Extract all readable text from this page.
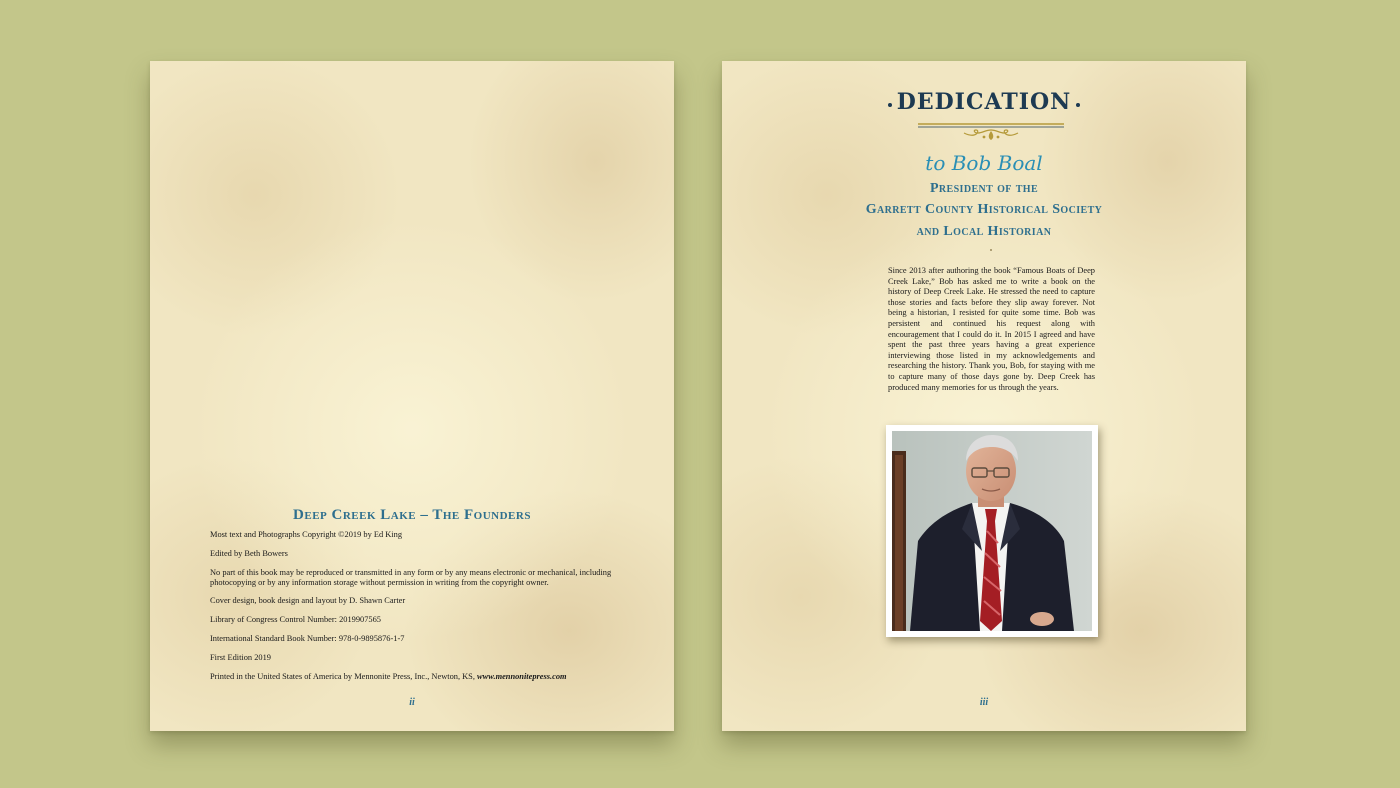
Deep Creek Lake – The Founders

Most text and Photographs Copyright ©2019 by Ed King

Edited by Beth Bowers

No part of this book may be reproduced or transmitted in any form or by any means electronic or mechanical, including photocopying or by any information storage without permission in writing from the copyright owner.

Cover design, book design and layout by D. Shawn Carter

Library of Congress Control Number: 2019907565

International Standard Book Number: 978-0-9895876-1-7

First Edition 2019

Printed in the United States of America by Mennonite Press, Inc., Newton, KS, www.mennonitepress.com

ii
DEDICATION
to Bob Boal
President of the
Garrett County Historical Society
and Local Historian
Since 2013 after authoring the book “Famous Boats of Deep Creek Lake,” Bob has asked me to write a book on the history of Deep Creek Lake. He stressed the need to capture those stories and facts before they slip away forever. Not being a historian, I resisted for quite some time. Bob was persistent and continued his request along with encouragement that I could do it. In 2015 I agreed and have spent the past three years having a great experience interviewing those listed in my acknowledgements and researching the history. Thank you, Bob, for staying with me to capture many of those days gone by. Deep Creek has produced many memories for us through the years.
iii
